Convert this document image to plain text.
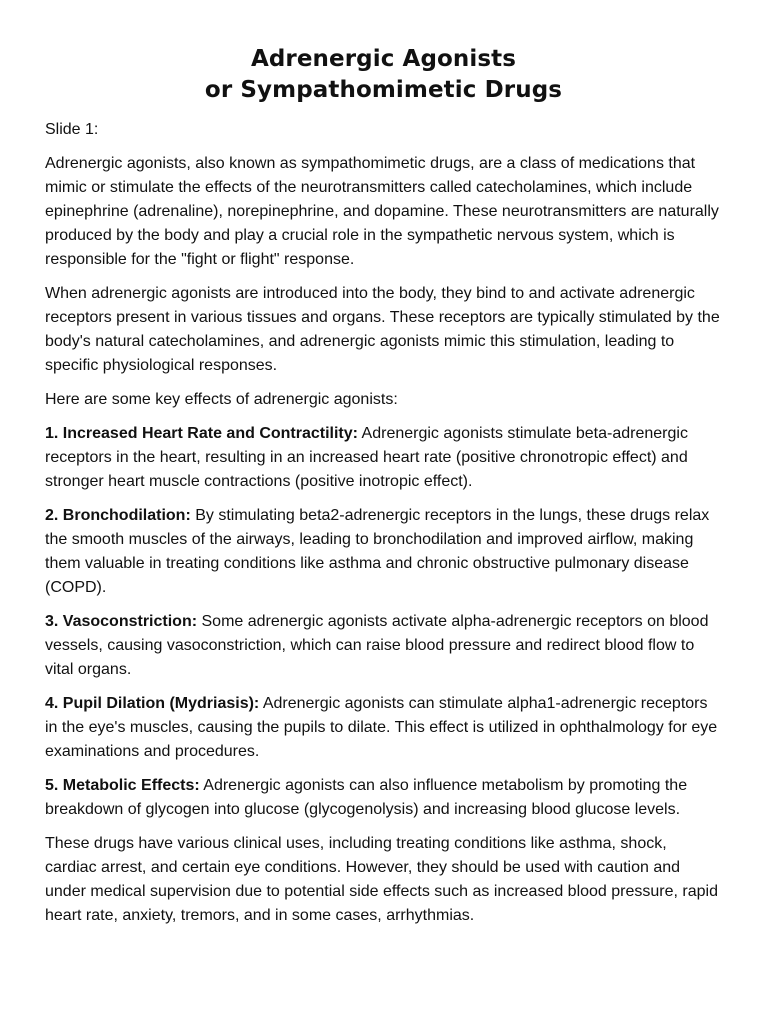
Adrenergic Agonists
or Sympathomimetic Drugs

Slide 1:

Adrenergic agonists, also known as sympathomimetic drugs, are a class of medications that mimic or stimulate the effects of the neurotransmitters called catecholamines, which include epinephrine (adrenaline), norepinephrine, and dopamine. These neurotransmitters are naturally produced by the body and play a crucial role in the sympathetic nervous system, which is responsible for the "fight or flight" response.

When adrenergic agonists are introduced into the body, they bind to and activate adrenergic receptors present in various tissues and organs. These receptors are typically stimulated by the body's natural catecholamines, and adrenergic agonists mimic this stimulation, leading to specific physiological responses.

Here are some key effects of adrenergic agonists:

1. Increased Heart Rate and Contractility: Adrenergic agonists stimulate beta-adrenergic receptors in the heart, resulting in an increased heart rate (positive chronotropic effect) and stronger heart muscle contractions (positive inotropic effect).

2. Bronchodilation: By stimulating beta2-adrenergic receptors in the lungs, these drugs relax the smooth muscles of the airways, leading to bronchodilation and improved airflow, making them valuable in treating conditions like asthma and chronic obstructive pulmonary disease (COPD).

3. Vasoconstriction: Some adrenergic agonists activate alpha-adrenergic receptors on blood vessels, causing vasoconstriction, which can raise blood pressure and redirect blood flow to vital organs.

4. Pupil Dilation (Mydriasis): Adrenergic agonists can stimulate alpha1-adrenergic receptors in the eye's muscles, causing the pupils to dilate. This effect is utilized in ophthalmology for eye examinations and procedures.

5. Metabolic Effects: Adrenergic agonists can also influence metabolism by promoting the breakdown of glycogen into glucose (glycogenolysis) and increasing blood glucose levels.

These drugs have various clinical uses, including treating conditions like asthma, shock, cardiac arrest, and certain eye conditions. However, they should be used with caution and under medical supervision due to potential side effects such as increased blood pressure, rapid heart rate, anxiety, tremors, and in some cases, arrhythmias.
